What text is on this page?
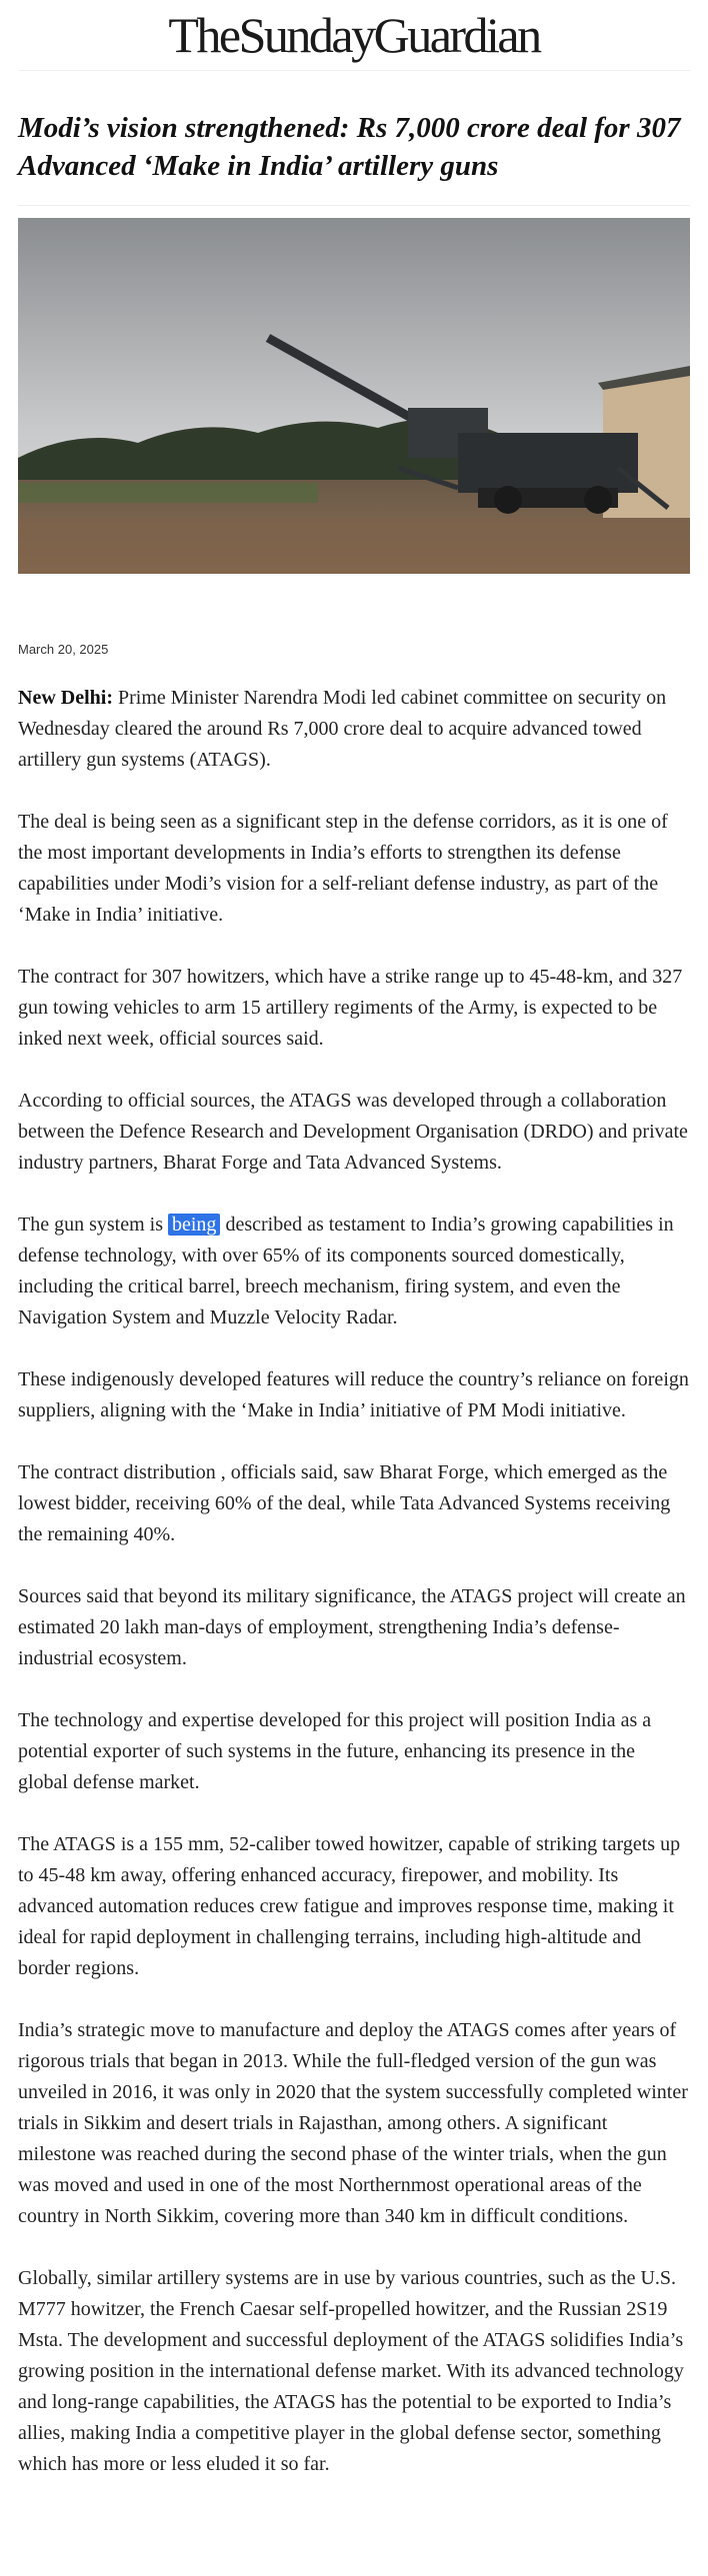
TheSundayGuardian
Modi’s vision strengthened: Rs 7,000 crore deal for 307 Advanced ‘Make in India’ artillery guns
March 20, 2025

New Delhi: Prime Minister Narendra Modi led cabinet committee on security on Wednesday cleared the around Rs 7,000 crore deal to acquire advanced towed artillery gun systems (ATAGS).

The deal is being seen as a significant step in the defense corridors, as it is one of the most important developments in India’s efforts to strengthen its defense capabilities under Modi’s vision for a self-reliant defense industry, as part of the ‘Make in India’ initiative.

The contract for 307 howitzers, which have a strike range up to 45-48-km, and 327 gun towing vehicles to arm 15 artillery regiments of the Army, is expected to be inked next week, official sources said.

According to official sources, the ATAGS was developed through a collaboration between the Defence Research and Development Organisation (DRDO) and private industry partners, Bharat Forge and Tata Advanced Systems.

The gun system is being described as testament to India’s growing capabilities in defense technology, with over 65% of its components sourced domestically, including the critical barrel, breech mechanism, firing system, and even the Navigation System and Muzzle Velocity Radar.

These indigenously developed features will reduce the country’s reliance on foreign suppliers, aligning with the ‘Make in India’ initiative of PM Modi initiative.

The contract distribution , officials said, saw Bharat Forge, which emerged as the lowest bidder, receiving 60% of the deal, while Tata Advanced Systems receiving the remaining 40%.

Sources said that beyond its military significance, the ATAGS project will create an estimated 20 lakh man-days of employment, strengthening India’s defense-industrial ecosystem.

The technology and expertise developed for this project will position India as a potential exporter of such systems in the future, enhancing its presence in the global defense market.

The ATAGS is a 155 mm, 52-caliber towed howitzer, capable of striking targets up to 45-48 km away, offering enhanced accuracy, firepower, and mobility. Its advanced automation reduces crew fatigue and improves response time, making it ideal for rapid deployment in challenging terrains, including high-altitude and border regions.

India’s strategic move to manufacture and deploy the ATAGS comes after years of rigorous trials that began in 2013. While the full-fledged version of the gun was unveiled in 2016, it was only in 2020 that the system successfully completed winter trials in Sikkim and desert trials in Rajasthan, among others. A significant milestone was reached during the second phase of the winter trials, when the gun was moved and used in one of the most Northernmost operational areas of the country in North Sikkim, covering more than 340 km in difficult conditions.

Globally, similar artillery systems are in use by various countries, such as the U.S. M777 howitzer, the French Caesar self-propelled howitzer, and the Russian 2S19 Msta. The development and successful deployment of the ATAGS solidifies India’s growing position in the international defense market. With its advanced technology and long-range capabilities, the ATAGS has the potential to be exported to India’s allies, making India a competitive player in the global defense sector, something which has more or less eluded it so far.
